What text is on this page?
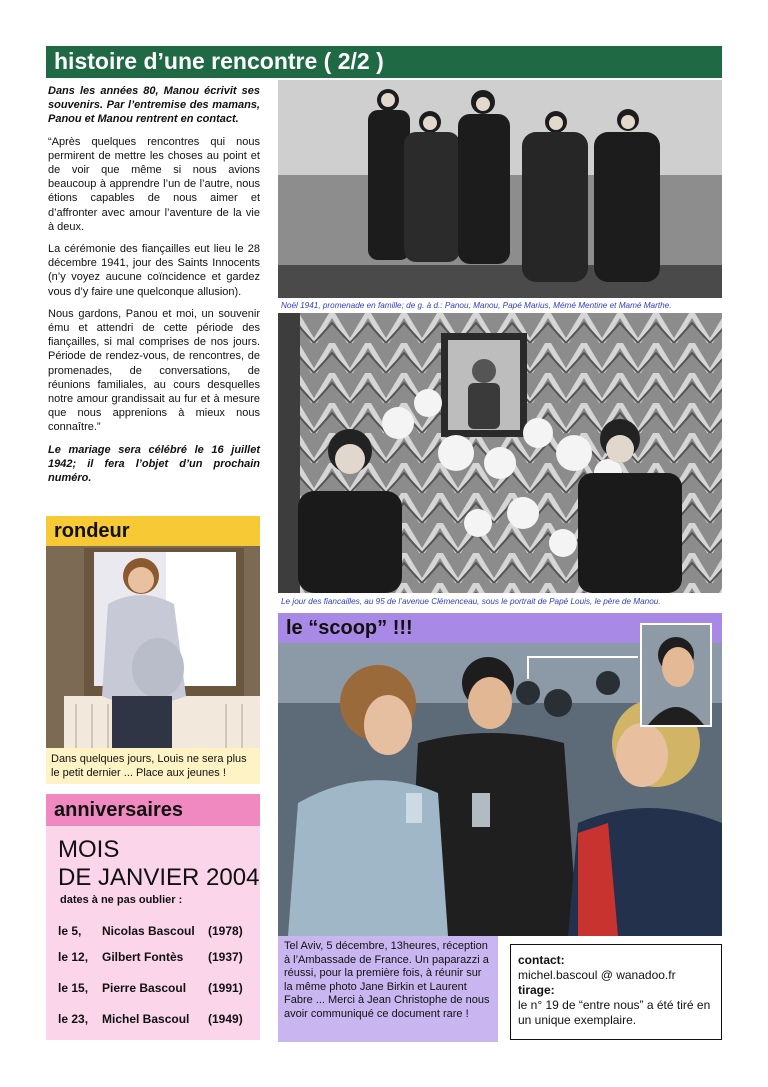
histoire d’une rencontre ( 2/2 )

Dans les années 80, Manou écrivit ses souvenirs. Par l’entremise des mamans, Panou et Manou rentrent en contact.

“Après quelques rencontres qui nous permirent de mettre les choses au point et de voir que même si nous avions beaucoup à apprendre l’un de l’autre, nous étions capables de nous aimer et d’affronter avec amour l’aventure de la vie à deux.

La cérémonie des fiançailles eut lieu le 28 décembre 1941, jour des Saints Innocents (n’y voyez aucune coïncidence et gardez vous d’y faire une quelconque allusion).

Nous gardons, Panou et moi, un souvenir ému et attendri de cette période des fiançailles, si mal comprises de nos jours. Période de rendez-vous, de rencontres, de promenades, de conversations, de réunions familiales, au cours desquelles notre amour grandissait au fur et à mesure que nous apprenions à mieux nous connaître.”

Le mariage sera célébré le 16 juillet 1942; il fera l’objet d’un prochain numéro.

Noël 1941, promenade en famille; de g. à d.: Panou, Manou, Papé Marius, Mémé Mentine et Mamé Marthe.
Le jour des fiancailles, au 95 de l’avenue Clémenceau, sous le portrait de Papé Louis, le père de Manou.
rondeur
Dans quelques jours, Louis ne sera plus le petit dernier ... Place aux jeunes !
anniversaires
MOIS
DE JANVIER 2004
dates à ne pas oublier :
le 5, Nicolas Bascoul (1978)
le 12, Gilbert Fontès (1937)
le 15, Pierre Bascoul (1991)
le 23, Michel Bascoul (1949)
le “scoop” !!!
Tel Aviv, 5 décembre, 13heures, réception à l’Ambassade de France. Un paparazzi a réussi, pour la première fois, à réunir sur la même photo Jane Birkin et Laurent Fabre ... Merci à Jean Christophe de nous avoir communiqué ce document rare !
contact:
michel.bascoul @ wanadoo.fr
tirage:
le n° 19 de “entre nous” a été tiré en un unique exemplaire.
